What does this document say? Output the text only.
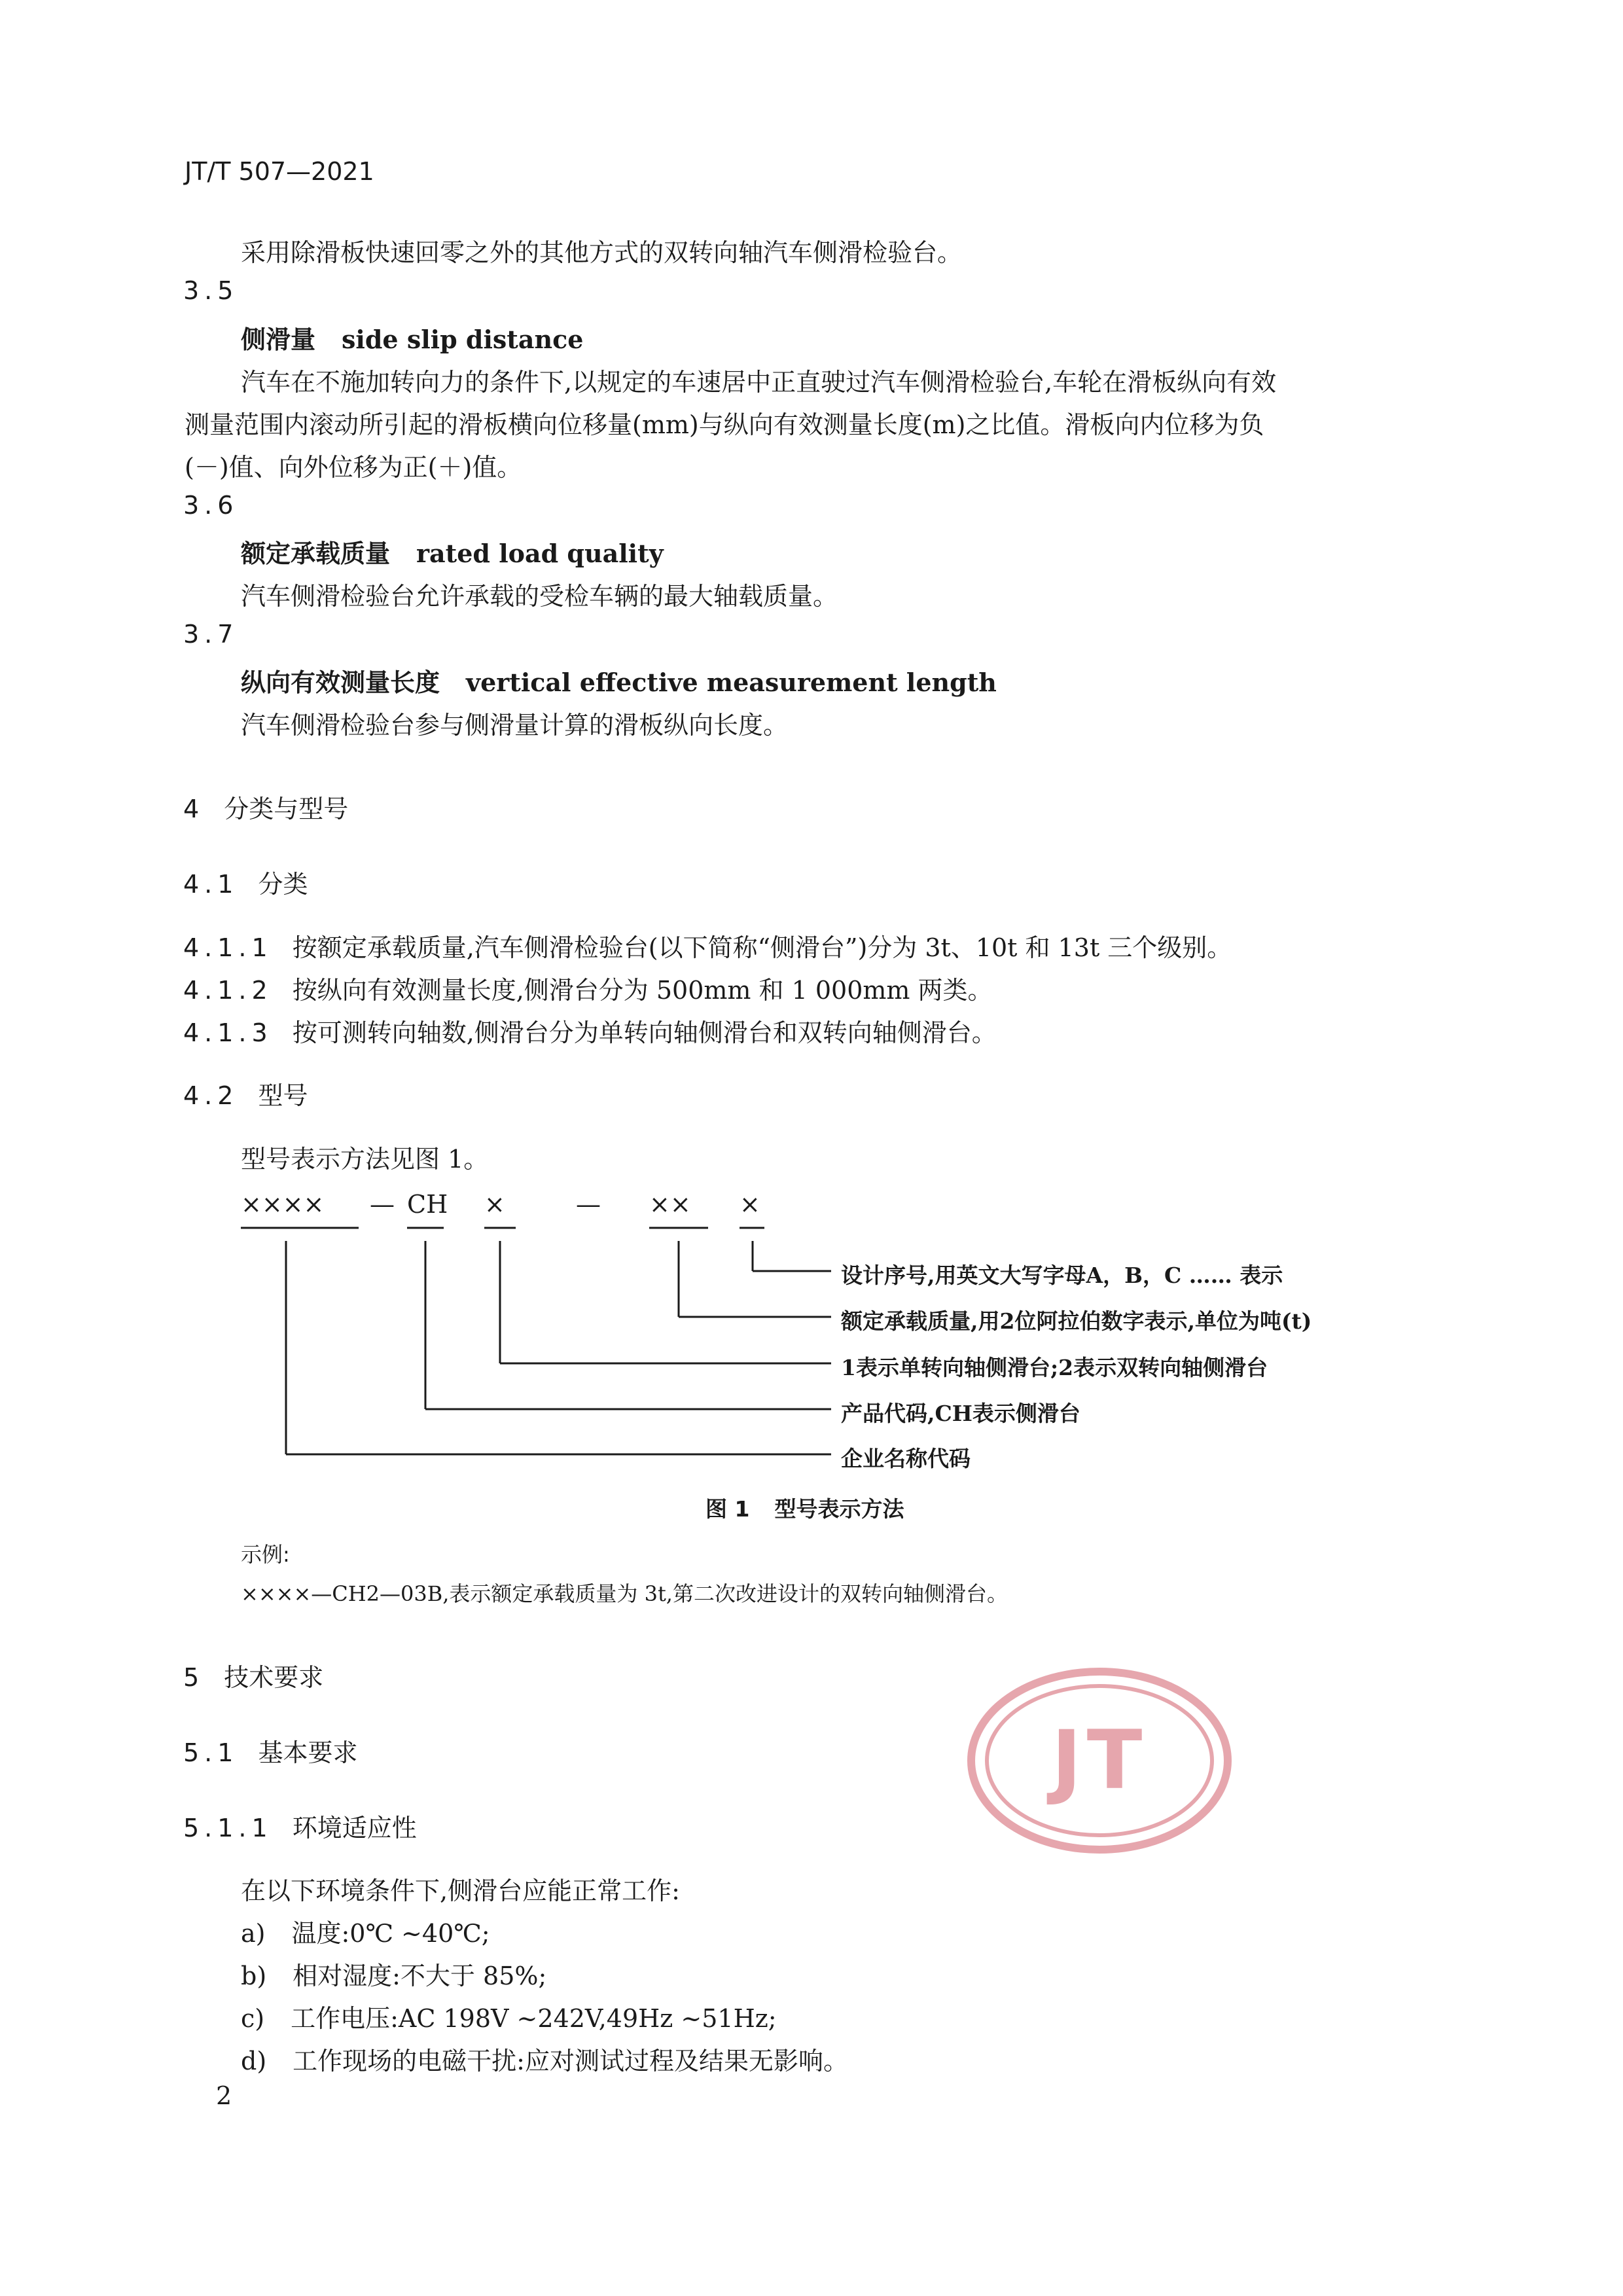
JT/T 507—2021
采用除滑板快速回零之外的其他方式的双转向轴汽车侧滑检验台。
3.5
侧滑量 side slip distance
汽车在不施加转向力的条件下,以规定的车速居中正直驶过汽车侧滑检验台,车轮在滑板纵向有效
测量范围内滚动所引起的滑板横向位移量(mm)与纵向有效测量长度(m)之比值。滑板向内位移为负
(－)值、向外位移为正(＋)值。
3.6
额定承载质量 rated load quality
汽车侧滑检验台允许承载的受检车辆的最大轴载质量。
3.7
纵向有效测量长度 vertical effective measurement length
汽车侧滑检验台参与侧滑量计算的滑板纵向长度。
4 分类与型号
4.1 分类
4.1.1 按额定承载质量,汽车侧滑检验台(以下简称“侧滑台”)分为 3t、10t 和 13t 三个级别。
4.1.2 按纵向有效测量长度,侧滑台分为 500mm 和 1 000mm 两类。
4.1.3 按可测转向轴数,侧滑台分为单转向轴侧滑台和双转向轴侧滑台。
4.2 型号
型号表示方法见图 1。
×××× — CH ×	— ×× ×
设计序号,用英文大写字母A，B，C …… 表示
额定承载质量,用2位阿拉伯数字表示,单位为吨(t)
1表示单转向轴侧滑台;2表示双转向轴侧滑台
产品代码,CH表示侧滑台
企业名称代码
图 1 型号表示方法
示例:
××××—CH2—03B,表示额定承载质量为 3t,第二次改进设计的双转向轴侧滑台。
5 技术要求
5.1 基本要求
5.1.1 环境适应性
在以下环境条件下,侧滑台应能正常工作:
a) 温度:0℃ ~40℃;
b) 相对湿度:不大于 85%;
c) 工作电压:AC 198V ~242V,49Hz ~51Hz;
d) 工作现场的电磁干扰:应对测试过程及结果无影响。
JT
2
